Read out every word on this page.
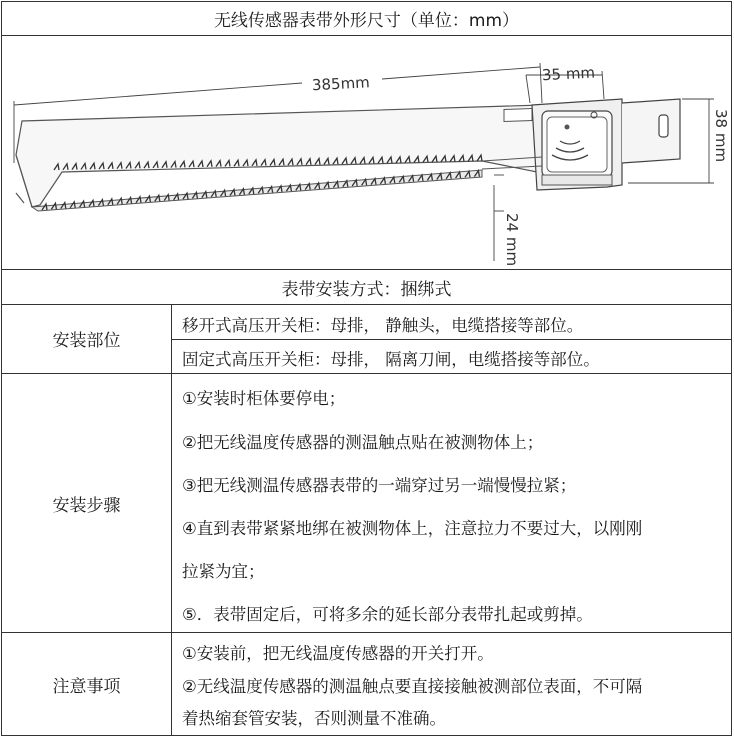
无线传感器表带外形尺寸（单位：mm）
385mm	35 mm
38 mm
24 mm
表带安装方式：捆绑式
安装部位
移开式高压开关柜：母排， 静触头，电缆搭接等部位。
固定式高压开关柜：母排， 隔离刀闸，电缆搭接等部位。
安装步骤
①安装时柜体要停电；
②把无线温度传感器的测温触点贴在被测物体上；
③把无线测温传感器表带的一端穿过另一端慢慢拉紧；
④直到表带紧紧地绑在被测物体上，注意拉力不要过大，以刚刚
拉紧为宜；
⑤．表带固定后，可将多余的延长部分表带扎起或剪掉。
注意事项
①安装前，把无线温度传感器的开关打开。
②无线温度传感器的测温触点要直接接触被测部位表面，不可隔
着热缩套管安装，否则测量不准确。
